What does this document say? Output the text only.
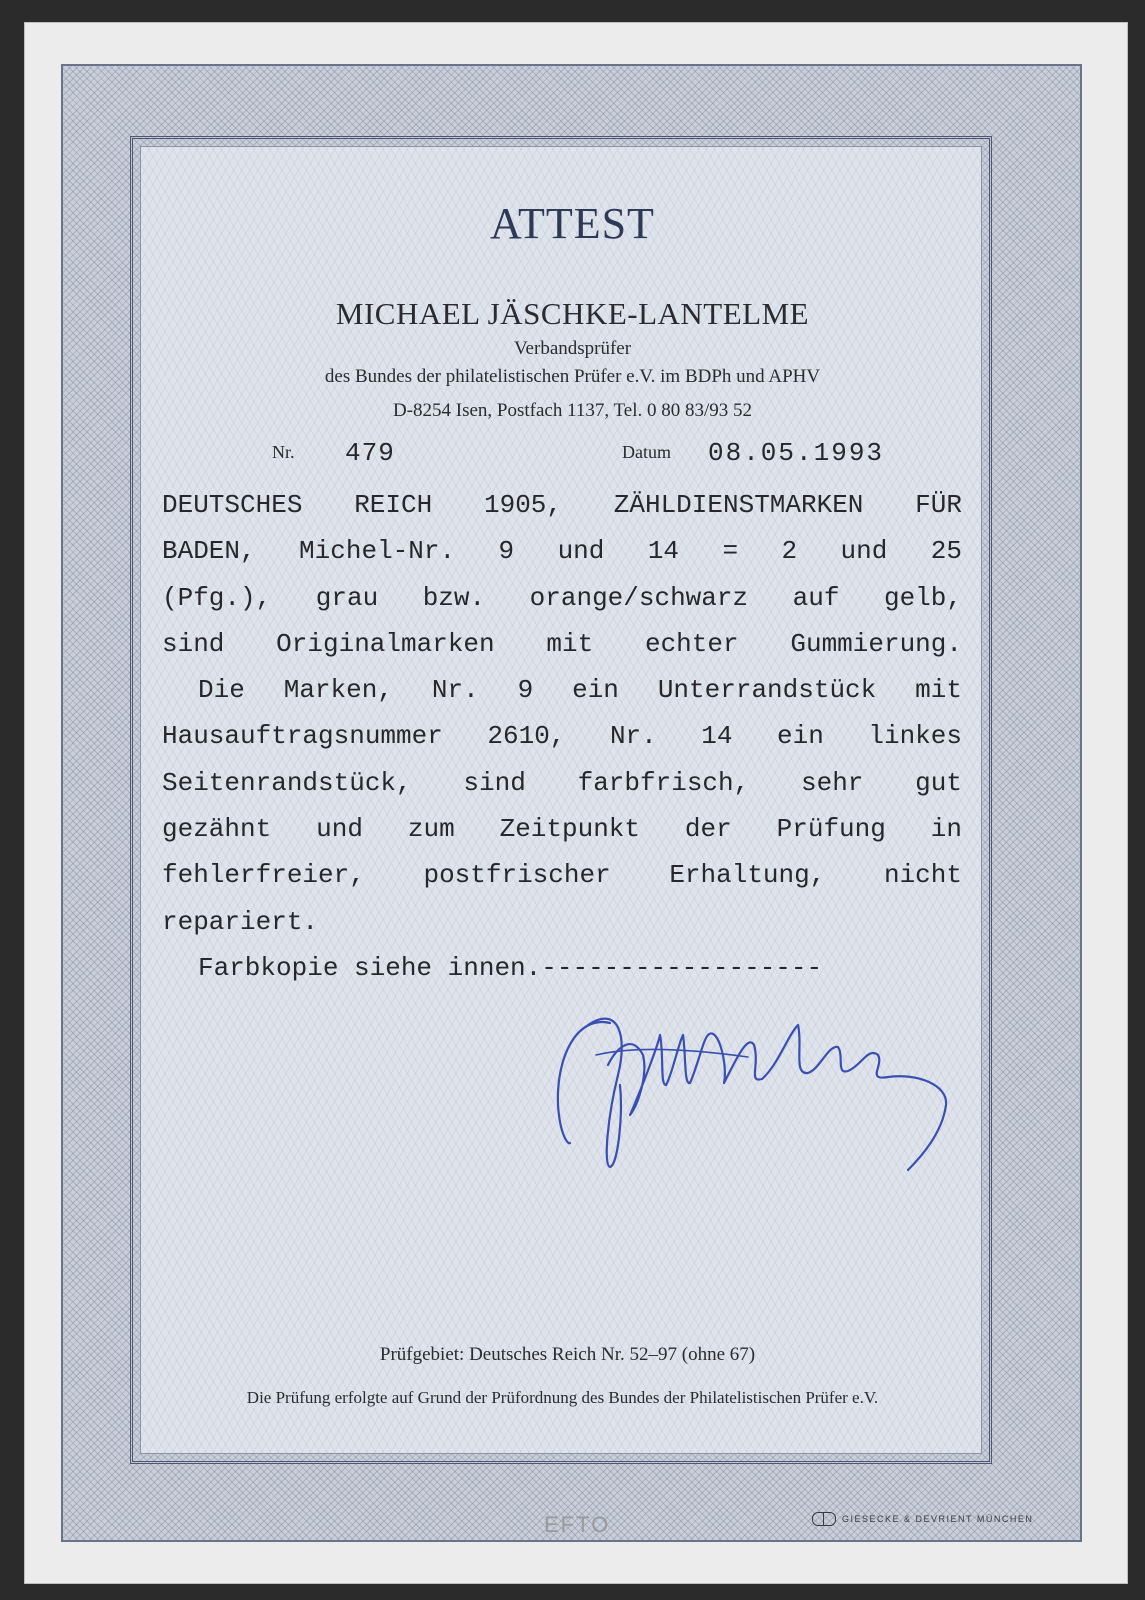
ATTEST
MICHAEL JÄSCHKE-LANTELME
Verbandsprüfer
des Bundes der philatelistischen Prüfer e.V. im BDPh und APHV
D-8254 Isen, Postfach 1137, Tel. 0 80 83/93 52
Nr. 479	Datum 08.05.1993
DEUTSCHES REICH 1905, ZÄHLDIENSTMARKEN FÜR
BADEN, Michel-Nr. 9 und 14 = 2 und 25
(Pfg.), grau bzw. orange/schwarz auf gelb,
sind Originalmarken mit echter Gummierung.
Die Marken, Nr. 9 ein Unterrandstück mit
Hausauftragsnummer 2610, Nr. 14 ein linkes
Seitenrandstück, sind farbfrisch, sehr gut
gezähnt und zum Zeitpunkt der Prüfung in
fehlerfreier, postfrischer Erhaltung, nicht
repariert.
Farbkopie siehe innen.------------------
Prüfgebiet: Deutsches Reich Nr. 52–97 (ohne 67)
Die Prüfung erfolgte auf Grund der Prüfordnung des Bundes der Philatelistischen Prüfer e.V.
EFTO	GIESECKE & DEVRIENT MÜNCHEN
